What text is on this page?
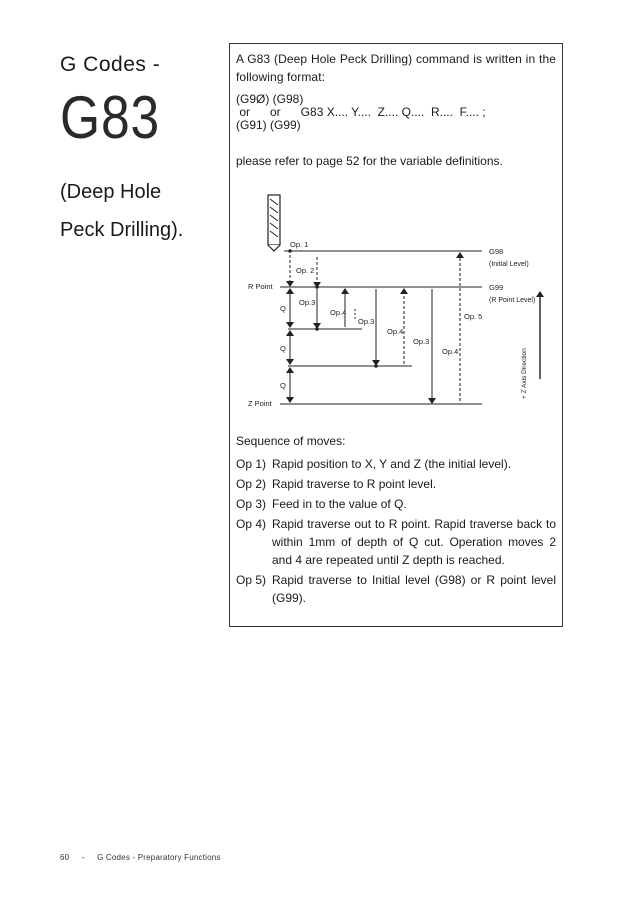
G Codes -
G83
(Deep Hole
Peck Drilling).
A G83 (Deep Hole Peck Drilling) command is written in the following format:
(G9Ø) (G98)
or      or      G83 X.... Y....  Z.... Q....  R....  F.... ;
(G91) (G99)
please refer to page 52 for the variable definitions.
Op. 1
Op. 2
R Point
Q
Op.3
Op.4
Op.3
Op.4
Q
Op.3
Op.4
Op. 5
Q
Z Point
G98
(Initial Level)
G99
(R Point Level)
+ Z Axis Direction
Sequence of moves:
Op 1) Rapid position to X, Y and Z (the initial level).
Op 2) Rapid traverse to R point level.
Op 3) Feed in to the value of Q.
Op 4) Rapid traverse out to R point. Rapid traverse back to within 1mm of depth of Q cut. Operation moves 2 and 4 are repeated until Z depth is reached.
Op 5) Rapid traverse to Initial level (G98) or R point level (G99).
60 - G Codes - Preparatory Functions
